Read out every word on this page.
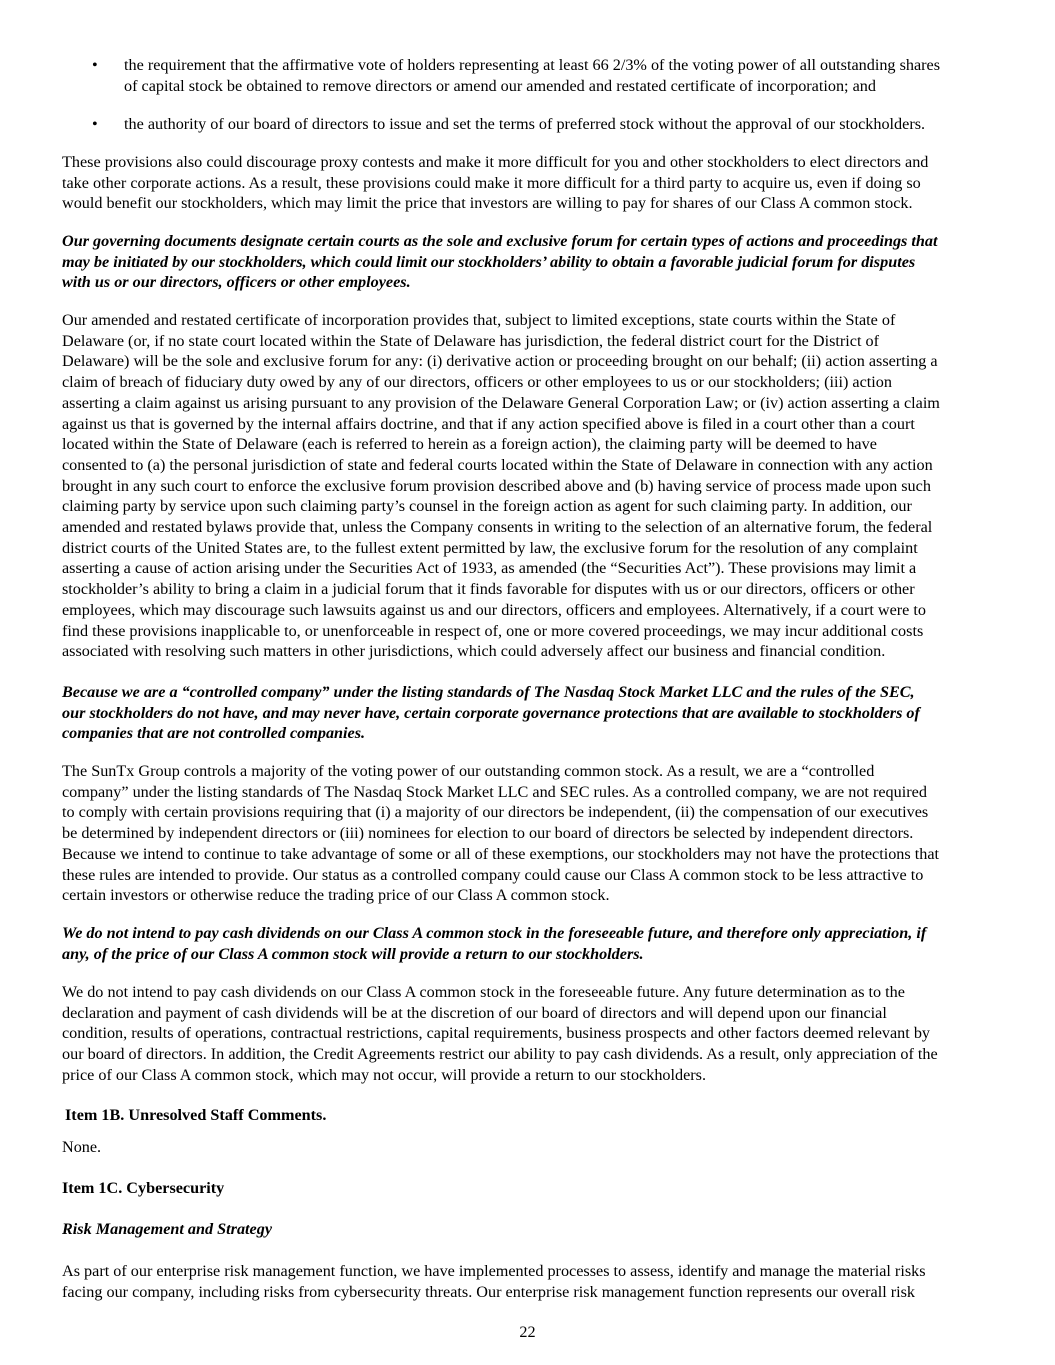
• the requirement that the affirmative vote of holders representing at least 66 2/3% of the voting power of all outstanding shares
of capital stock be obtained to remove directors or amend our amended and restated certificate of incorporation; and
• the authority of our board of directors to issue and set the terms of preferred stock without the approval of our stockholders.
These provisions also could discourage proxy contests and make it more difficult for you and other stockholders to elect directors and
take other corporate actions. As a result, these provisions could make it more difficult for a third party to acquire us, even if doing so
would benefit our stockholders, which may limit the price that investors are willing to pay for shares of our Class A common stock.
Our governing documents designate certain courts as the sole and exclusive forum for certain types of actions and proceedings that
may be initiated by our stockholders, which could limit our stockholders’ ability to obtain a favorable judicial forum for disputes
with us or our directors, officers or other employees.
Our amended and restated certificate of incorporation provides that, subject to limited exceptions, state courts within the State of
Delaware (or, if no state court located within the State of Delaware has jurisdiction, the federal district court for the District of
Delaware) will be the sole and exclusive forum for any: (i) derivative action or proceeding brought on our behalf; (ii) action asserting a
claim of breach of fiduciary duty owed by any of our directors, officers or other employees to us or our stockholders; (iii) action
asserting a claim against us arising pursuant to any provision of the Delaware General Corporation Law; or (iv) action asserting a claim
against us that is governed by the internal affairs doctrine, and that if any action specified above is filed in a court other than a court
located within the State of Delaware (each is referred to herein as a foreign action), the claiming party will be deemed to have
consented to (a) the personal jurisdiction of state and federal courts located within the State of Delaware in connection with any action
brought in any such court to enforce the exclusive forum provision described above and (b) having service of process made upon such
claiming party by service upon such claiming party’s counsel in the foreign action as agent for such claiming party. In addition, our
amended and restated bylaws provide that, unless the Company consents in writing to the selection of an alternative forum, the federal
district courts of the United States are, to the fullest extent permitted by law, the exclusive forum for the resolution of any complaint
asserting a cause of action arising under the Securities Act of 1933, as amended (the “Securities Act”). These provisions may limit a
stockholder’s ability to bring a claim in a judicial forum that it finds favorable for disputes with us or our directors, officers or other
employees, which may discourage such lawsuits against us and our directors, officers and employees. Alternatively, if a court were to
find these provisions inapplicable to, or unenforceable in respect of, one or more covered proceedings, we may incur additional costs
associated with resolving such matters in other jurisdictions, which could adversely affect our business and financial condition.
Because we are a “controlled company” under the listing standards of The Nasdaq Stock Market LLC and the rules of the SEC,
our stockholders do not have, and may never have, certain corporate governance protections that are available to stockholders of
companies that are not controlled companies.
The SunTx Group controls a majority of the voting power of our outstanding common stock. As a result, we are a “controlled
company” under the listing standards of The Nasdaq Stock Market LLC and SEC rules. As a controlled company, we are not required
to comply with certain provisions requiring that (i) a majority of our directors be independent, (ii) the compensation of our executives
be determined by independent directors or (iii) nominees for election to our board of directors be selected by independent directors.
Because we intend to continue to take advantage of some or all of these exemptions, our stockholders may not have the protections that
these rules are intended to provide. Our status as a controlled company could cause our Class A common stock to be less attractive to
certain investors or otherwise reduce the trading price of our Class A common stock.
We do not intend to pay cash dividends on our Class A common stock in the foreseeable future, and therefore only appreciation, if
any, of the price of our Class A common stock will provide a return to our stockholders.
We do not intend to pay cash dividends on our Class A common stock in the foreseeable future. Any future determination as to the
declaration and payment of cash dividends will be at the discretion of our board of directors and will depend upon our financial
condition, results of operations, contractual restrictions, capital requirements, business prospects and other factors deemed relevant by
our board of directors. In addition, the Credit Agreements restrict our ability to pay cash dividends. As a result, only appreciation of the
price of our Class A common stock, which may not occur, will provide a return to our stockholders.
Item 1B. Unresolved Staff Comments.
None.
Item 1C. Cybersecurity
Risk Management and Strategy
As part of our enterprise risk management function, we have implemented processes to assess, identify and manage the material risks
facing our company, including risks from cybersecurity threats. Our enterprise risk management function represents our overall risk
22
